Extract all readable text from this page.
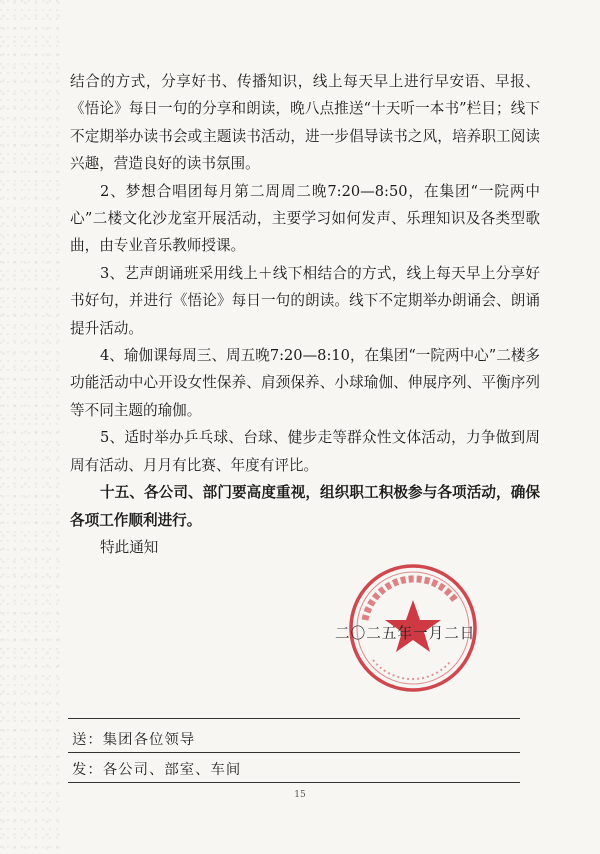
结合的方式，分享好书、传播知识，线上每天早上进行早安语、早报、《悟论》每日一句的分享和朗读，晚八点推送“十天听一本书”栏目；线下不定期举办读书会或主题读书活动，进一步倡导读书之风，培养职工阅读兴趣，营造良好的读书氛围。

2、梦想合唱团每月第二周周二晚7:20—8:50，在集团“一院两中心”二楼文化沙龙室开展活动，主要学习如何发声、乐理知识及各类型歌曲，由专业音乐教师授课。

3、艺声朗诵班采用线上＋线下相结合的方式，线上每天早上分享好书好句，并进行《悟论》每日一句的朗读。线下不定期举办朗诵会、朗诵提升活动。

4、瑜伽课每周三、周五晚7:20—8:10，在集团“一院两中心”二楼多功能活动中心开设女性保养、肩颈保养、小球瑜伽、伸展序列、平衡序列等不同主题的瑜伽。

5、适时举办乒乓球、台球、健步走等群众性文体活动，力争做到周周有活动、月月有比赛、年度有评比。

十五、各公司、部门要高度重视，组织职工积极参与各项活动，确保各项工作顺利进行。

特此通知

二〇二五年一月二日
送：集团各位领导
发：各公司、部室、车间
15
